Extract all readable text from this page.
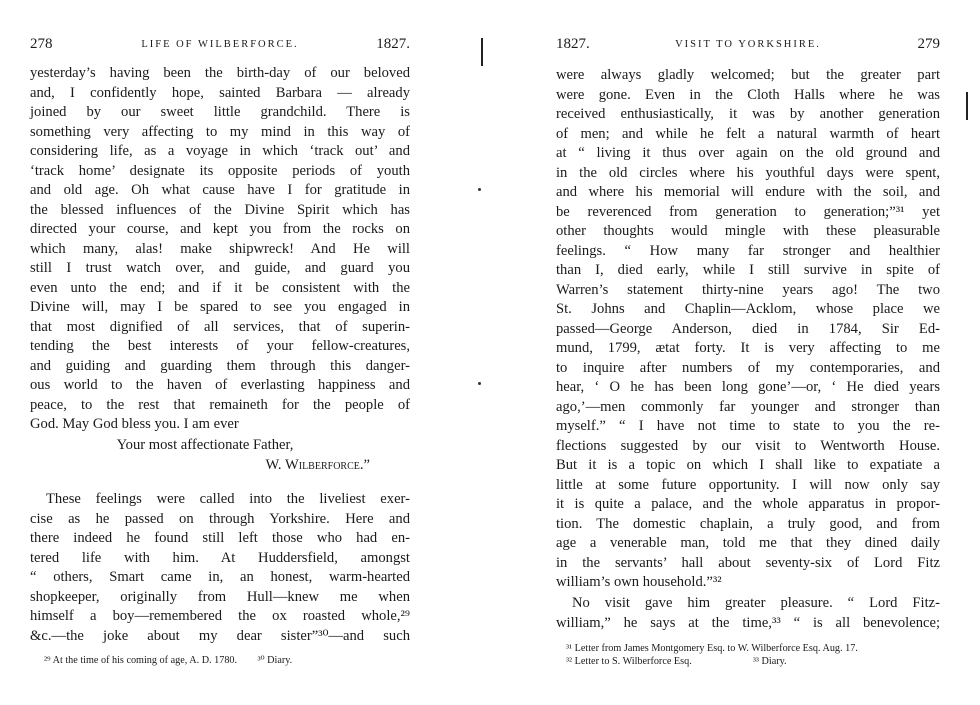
278	LIFE OF WILBERFORCE.	1827.
yesterday’s having been the birth-day of our beloved
and, I confidently hope, sainted Barbara — already
joined by our sweet little grandchild. There is
something very affecting to my mind in this way of
considering life, as a voyage in which ‘track out’ and
‘track home’ designate its opposite periods of youth
and old age. Oh what cause have I for gratitude in
the blessed influences of the Divine Spirit which has
directed your course, and kept you from the rocks on
which many, alas! make shipwreck! And He will
still I trust watch over, and guide, and guard you
even unto the end; and if it be consistent with the
Divine will, may I be spared to see you engaged in
that most dignified of all services, that of superin-
tending the best interests of your fellow-creatures,
and guiding and guarding them through this danger-
ous world to the haven of everlasting happiness and
peace, to the rest that remaineth for the people of
God. May God bless you. I am ever
Your most affectionate Father,
W. Wilberforce.”
These feelings were called into the liveliest exer-
cise as he passed on through Yorkshire. Here and
there indeed he found still left those who had en-
tered life with him. At Huddersfield, amongst
“ others, Smart came in, an honest, warm-hearted
shopkeeper, originally from Hull—knew me when
himself a boy—remembered the ox roasted whole,²⁹
&c.—the joke about my dear sister”³⁰—and such
²⁹ At the time of his coming of age, A. D. 1780.        ³⁰ Diary.
1827.	VISIT TO YORKSHIRE.	279
were always gladly welcomed; but the greater part
were gone. Even in the Cloth Halls where he was
received enthusiastically, it was by another generation
of men; and while he felt a natural warmth of heart
at “ living it thus over again on the old ground and
in the old circles where his youthful days were spent,
and where his memorial will endure with the soil, and
be reverenced from generation to generation;”³¹ yet
other thoughts would mingle with these pleasurable
feelings. “ How many far stronger and healthier
than I, died early, while I still survive in spite of
Warren’s statement thirty-nine years ago! The two
St. Johns and Chaplin—Acklom, whose place we
passed—George Anderson, died in 1784, Sir Ed-
mund, 1799, ætat forty. It is very affecting to me
to inquire after numbers of my contemporaries, and
hear, ‘ O he has been long gone’—or, ‘ He died years
ago,’—men commonly far younger and stronger than
myself.” “ I have not time to state to you the re-
flections suggested by our visit to Wentworth House.
But it is a topic on which I shall like to expatiate a
little at some future opportunity. I will now only say
it is quite a palace, and the whole apparatus in propor-
tion. The domestic chaplain, a truly good, and from
age a venerable man, told me that they dined daily
in the servants’ hall about seventy-six of Lord Fitz
william’s own household.”³²
No visit gave him greater pleasure. “ Lord Fitz-
william,” he says at the time,³³ “ is all benevolence;
³¹ Letter from James Montgomery Esq. to W. Wilberforce Esq. Aug. 17.
³² Letter to S. Wilberforce Esq.                        ³³ Diary.
